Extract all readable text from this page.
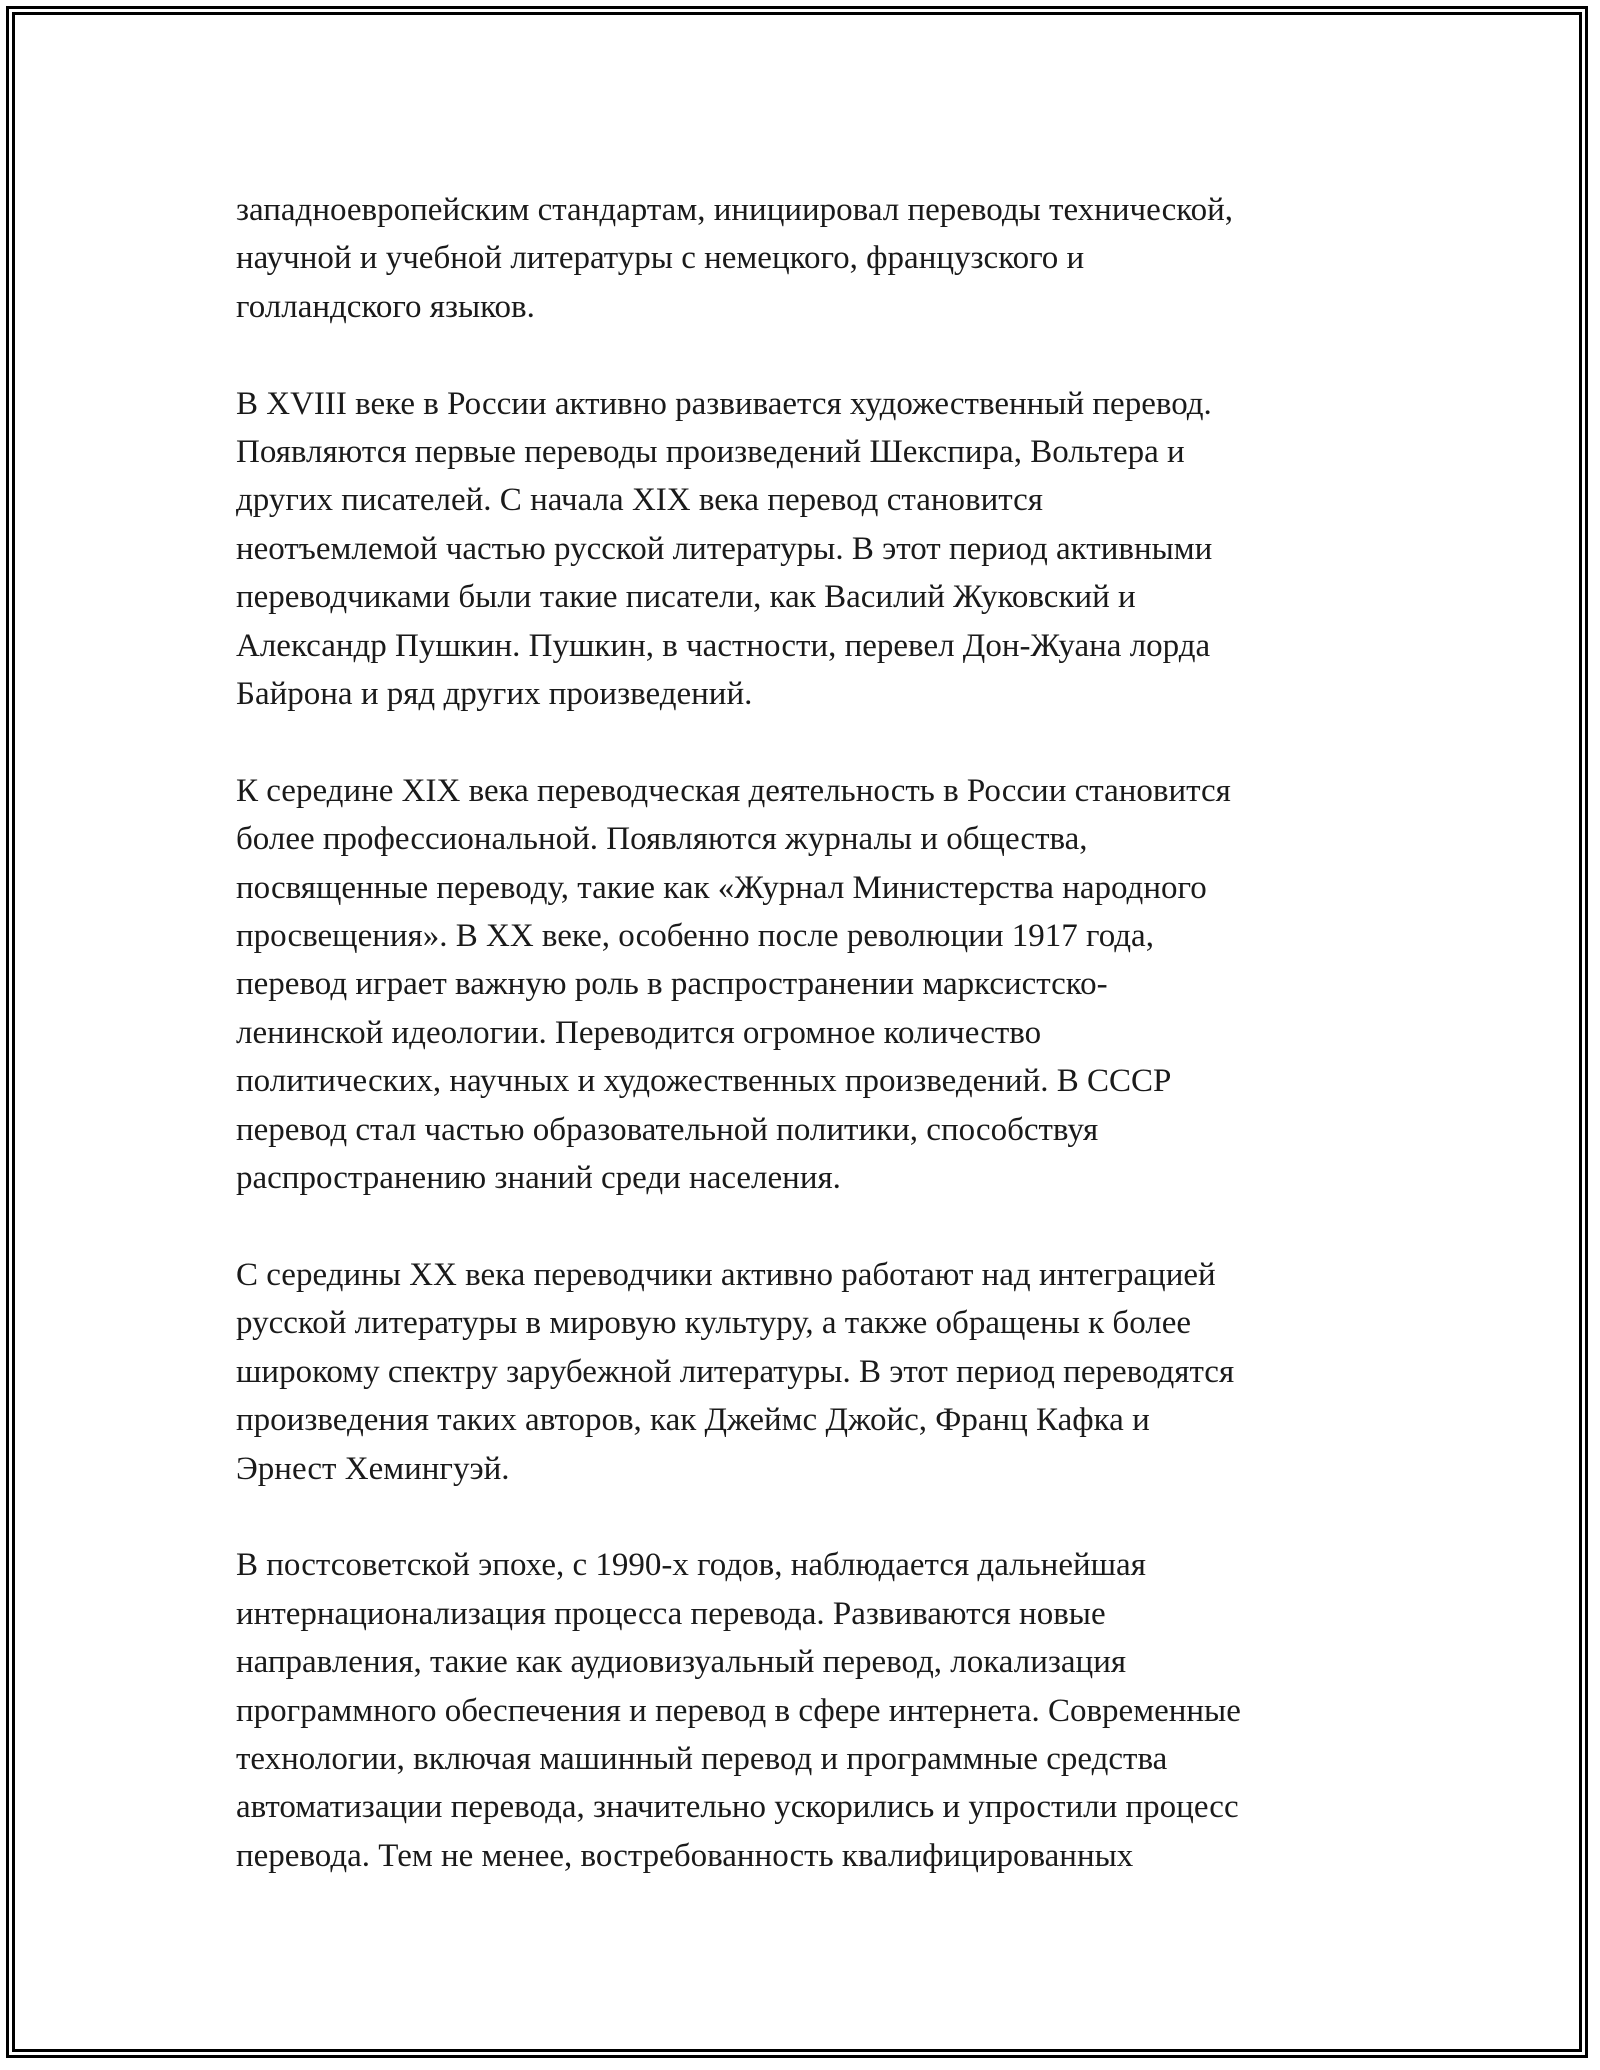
западноевропейским стандартам, инициировал переводы технической,
научной и учебной литературы с немецкого, французского и
голландского языков.

В XVIII веке в России активно развивается художественный перевод.
Появляются первые переводы произведений Шекспира, Вольтера и
других писателей. С начала XIX века перевод становится
неотъемлемой частью русской литературы. В этот период активными
переводчиками были такие писатели, как Василий Жуковский и
Александр Пушкин. Пушкин, в частности, перевел Дон-Жуана лорда
Байрона и ряд других произведений.

К середине XIX века переводческая деятельность в России становится
более профессиональной. Появляются журналы и общества,
посвященные переводу, такие как «Журнал Министерства народного
просвещения». В XX веке, особенно после революции 1917 года,
перевод играет важную роль в распространении марксистско-
ленинской идеологии. Переводится огромное количество
политических, научных и художественных произведений. В СССР
перевод стал частью образовательной политики, способствуя
распространению знаний среди населения.

С середины XX века переводчики активно работают над интеграцией
русской литературы в мировую культуру, а также обращены к более
широкому спектру зарубежной литературы. В этот период переводятся
произведения таких авторов, как Джеймс Джойс, Франц Кафка и
Эрнест Хемингуэй.

В постсоветской эпохе, с 1990-х годов, наблюдается дальнейшая
интернационализация процесса перевода. Развиваются новые
направления, такие как аудиовизуальный перевод, локализация
программного обеспечения и перевод в сфере интернета. Современные
технологии, включая машинный перевод и программные средства
автоматизации перевода, значительно ускорились и упростили процесс
перевода. Тем не менее, востребованность квалифицированных
